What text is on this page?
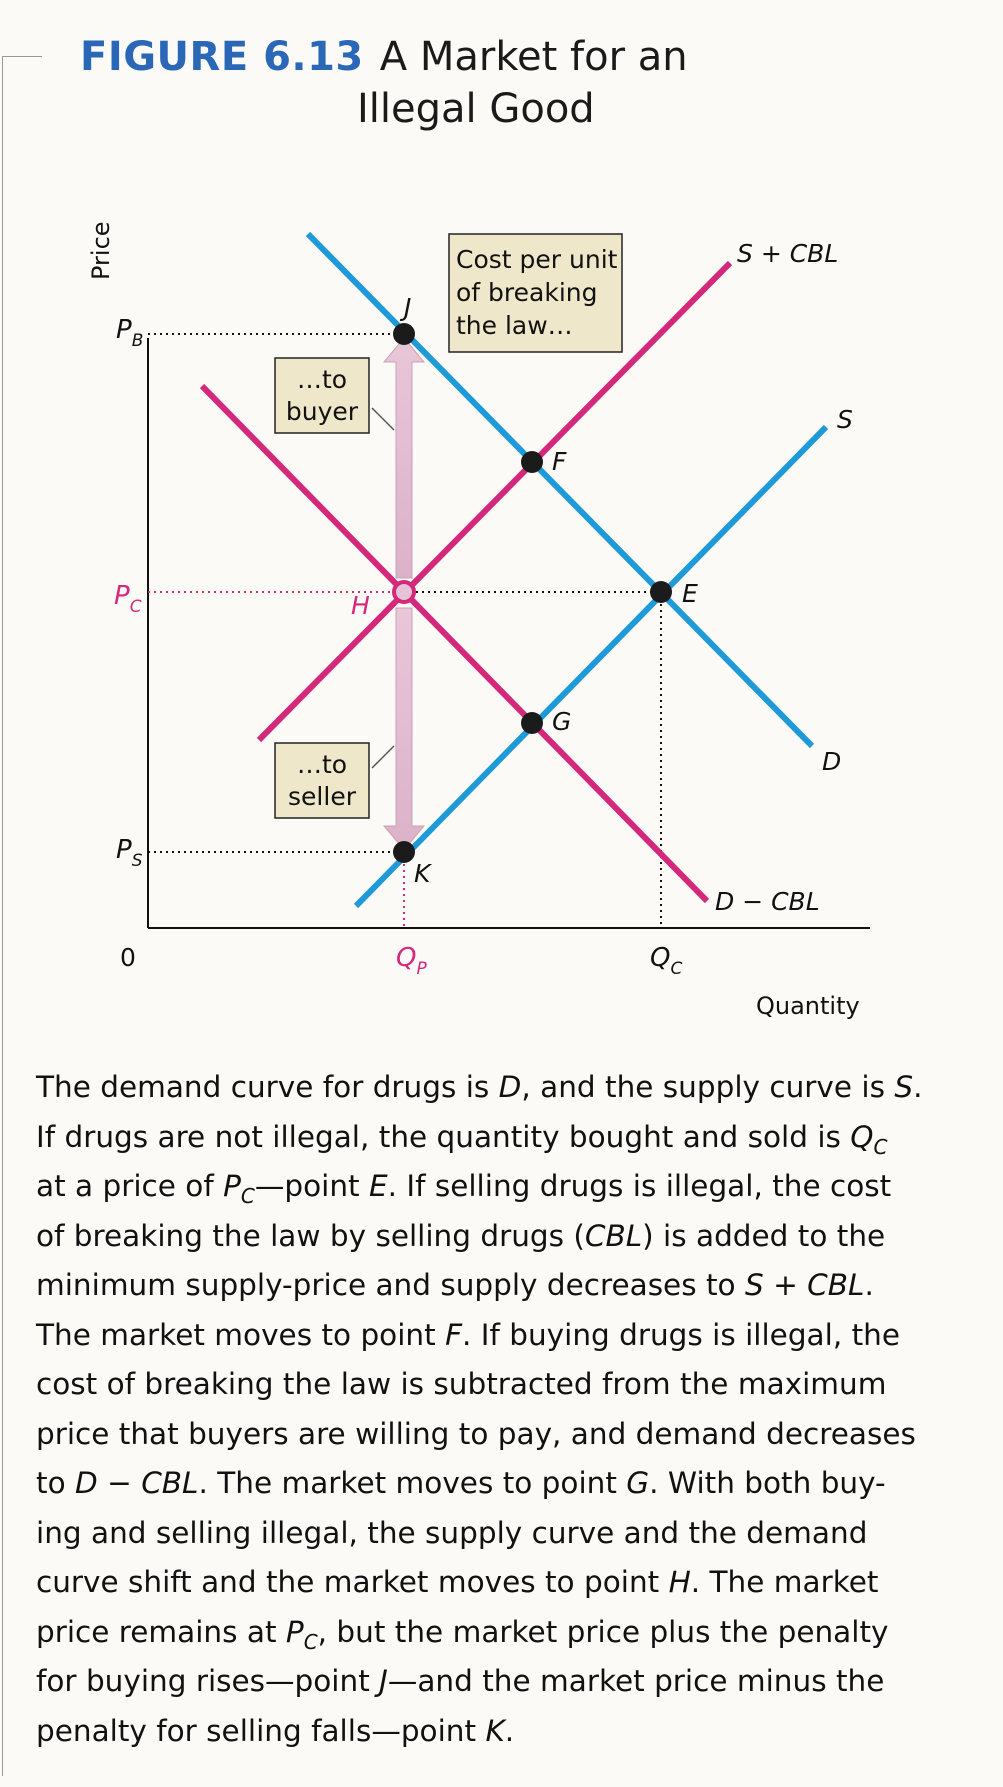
FIGURE 6.13 A Market for an
Illegal Good
Cost per unit
of breaking
the law…
…to
buyer
…to
seller
J
F
H	E
G
K
S + CBL
S
D
D − CBL
Price
Quantity
0
$P_B$
$P_C$
$P_S$
$Q_P$	$Q_C$

The demand curve for drugs is D, and the supply curve is S.
If drugs are not illegal, the quantity bought and sold is $Q_C$
at a price of $P_C—point$ E. If selling drugs is illegal, the cost
of breaking the law by selling drugs (CBL) is added to the
minimum supply-price and supply decreases to S + CBL.
The market moves to point F. If buying drugs is illegal, the
cost of breaking the law is subtracted from the maximum
price that buyers are willing to pay, and demand decreases
to D − CBL. The market moves to point G. With both buy-
ing and selling illegal, the supply curve and the demand
curve shift and the market moves to point H. The market
price remains at $P_C$, but the market price plus the penalty
for buying rises—point J—and the market price minus the
penalty for selling falls—point K.
